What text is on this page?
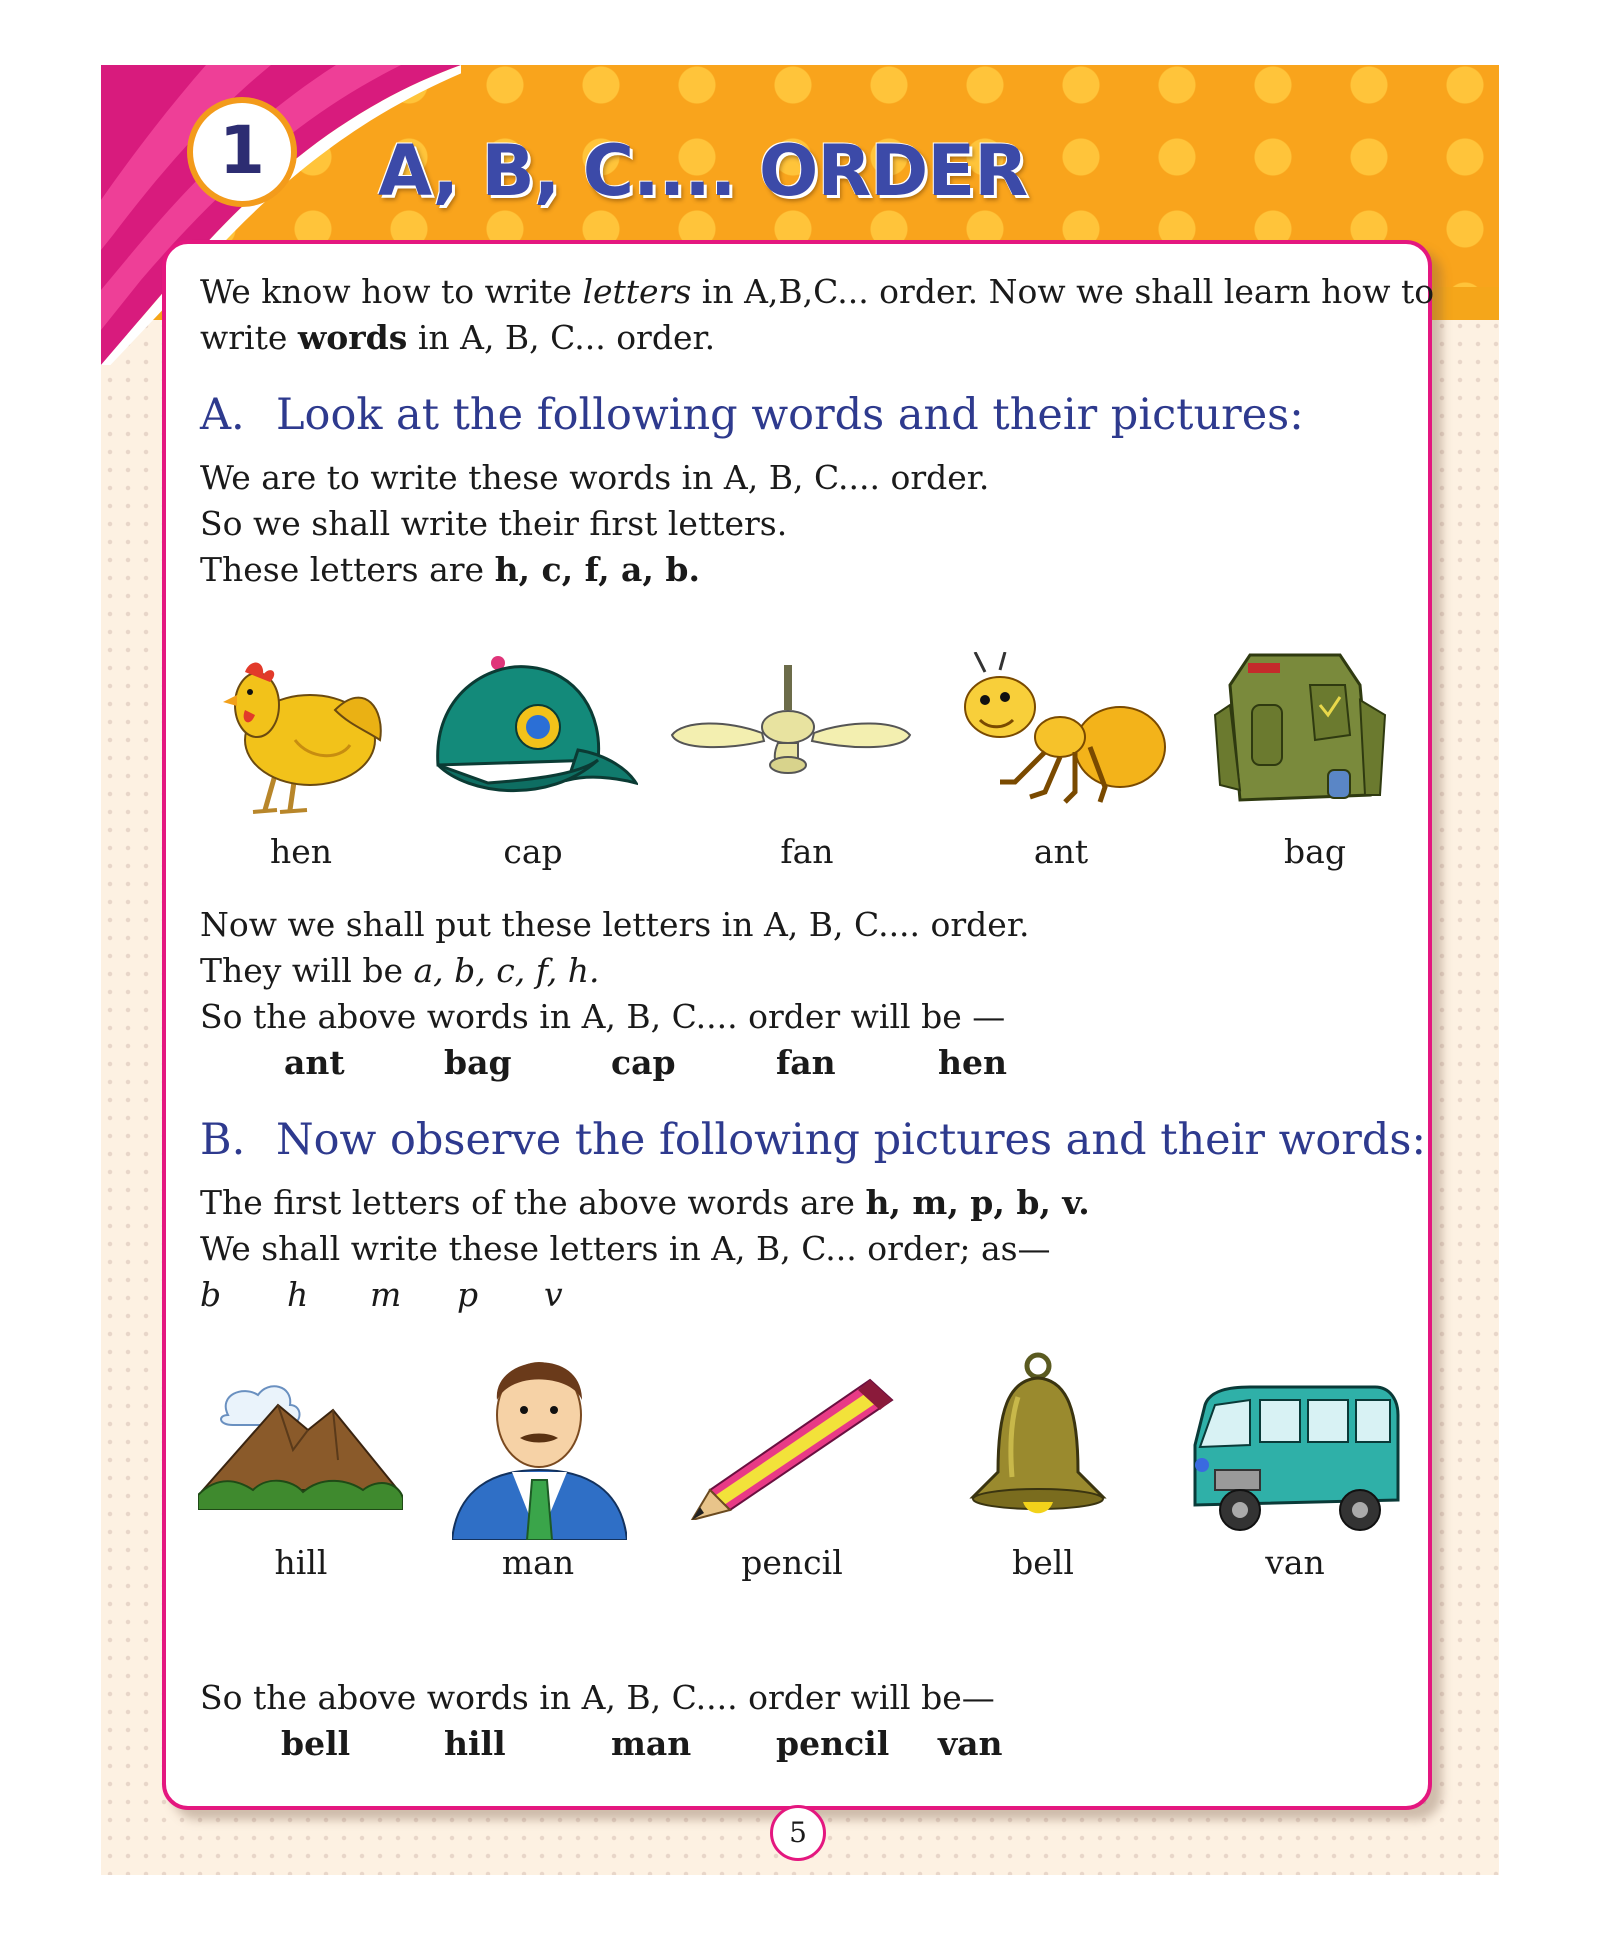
1	A, B, C.... ORDER
We know how to write letters in A,B,C... order. Now we shall learn how to
write words in A, B, C... order.
A. Look at the following words and their pictures:
We are to write these words in A, B, C.... order.
So we shall write their first letters.
These letters are h, c, f, a, b.
hen	cap	fan	ant	bag
Now we shall put these letters in A, B, C.... order.
They will be a, b, c, f, h.
So the above words in A, B, C.... order will be —
ant	bag	cap	fan	hen
B. Now observe the following pictures and their words:
The first letters of the above words are h, m, p, b, v.
We shall write these letters in A, B, C... order; as—
b h m p v
hill	man	pencil	bell	van
So the above words in A, B, C.... order will be—
bell	hill	man	pencil van
5
